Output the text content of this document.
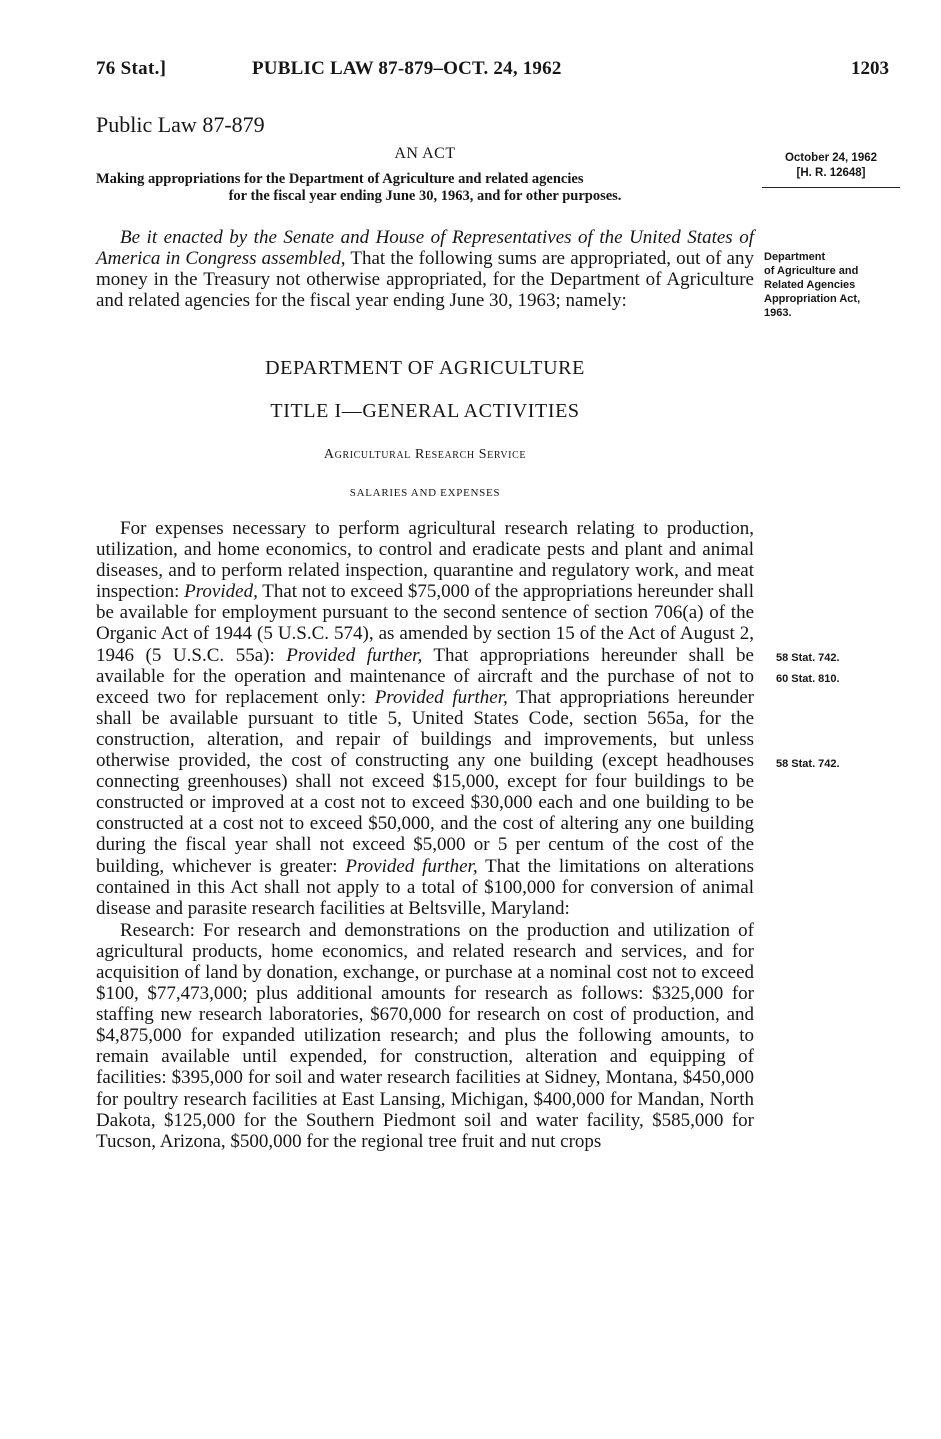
76 Stat.]	PUBLIC LAW 87-879–OCT. 24, 1962	1203
Public Law 87-879
AN ACT
Making appropriations for the Department of Agriculture and related agencies
for the fiscal year ending June 30, 1963, and for other purposes.
October 24, 1962
[H. R. 12648]
Department
of Agriculture and
Related Agencies
Appropriation Act,
1963.

Be it enacted by the Senate and House of Representatives of the United States of America in Congress assembled, That the following sums are appropriated, out of any money in the Treasury not otherwise appropriated, for the Department of Agriculture and related agencies for the fiscal year ending June 30, 1963; namely:

DEPARTMENT OF AGRICULTURE
TITLE I—GENERAL ACTIVITIES
Agricultural Research Service
SALARIES AND EXPENSES
58 Stat. 742.
60 Stat. 810.
58 Stat. 742.

For expenses necessary to perform agricultural research relating to production, utilization, and home economics, to control and eradicate pests and plant and animal diseases, and to perform related inspection, quarantine and regulatory work, and meat inspection: Provided, That not to exceed $75,000 of the appropriations hereunder shall be available for employment pursuant to the second sentence of section 706(a) of the Organic Act of 1944 (5 U.S.C. 574), as amended by section 15 of the Act of August 2, 1946 (5 U.S.C. 55a): Provided further, That appropriations hereunder shall be available for the operation and maintenance of aircraft and the purchase of not to exceed two for replacement only: Provided further, That appropriations hereunder shall be available pursuant to title 5, United States Code, section 565a, for the construction, alteration, and repair of buildings and improvements, but unless otherwise provided, the cost of constructing any one building (except headhouses connecting greenhouses) shall not exceed $15,000, except for four buildings to be constructed or improved at a cost not to exceed $30,000 each and one building to be constructed at a cost not to exceed $50,000, and the cost of altering any one building during the fiscal year shall not exceed $5,000 or 5 per centum of the cost of the building, whichever is greater: Provided further, That the limitations on alterations contained in this Act shall not apply to a total of $100,000 for conversion of animal disease and parasite research facilities at Beltsville, Maryland:

Research: For research and demonstrations on the production and utilization of agricultural products, home economics, and related research and services, and for acquisition of land by donation, exchange, or purchase at a nominal cost not to exceed $100, $77,473,000; plus additional amounts for research as follows: $325,000 for staffing new research laboratories, $670,000 for research on cost of production, and $4,875,000 for expanded utilization research; and plus the following amounts, to remain available until expended, for construction, alteration and equipping of facilities: $395,000 for soil and water research facilities at Sidney, Montana, $450,000 for poultry research facilities at East Lansing, Michigan, $400,000 for Mandan, North Dakota, $125,000 for the Southern Piedmont soil and water facility, $585,000 for Tucson, Arizona, $500,000 for the regional tree fruit and nut crops
